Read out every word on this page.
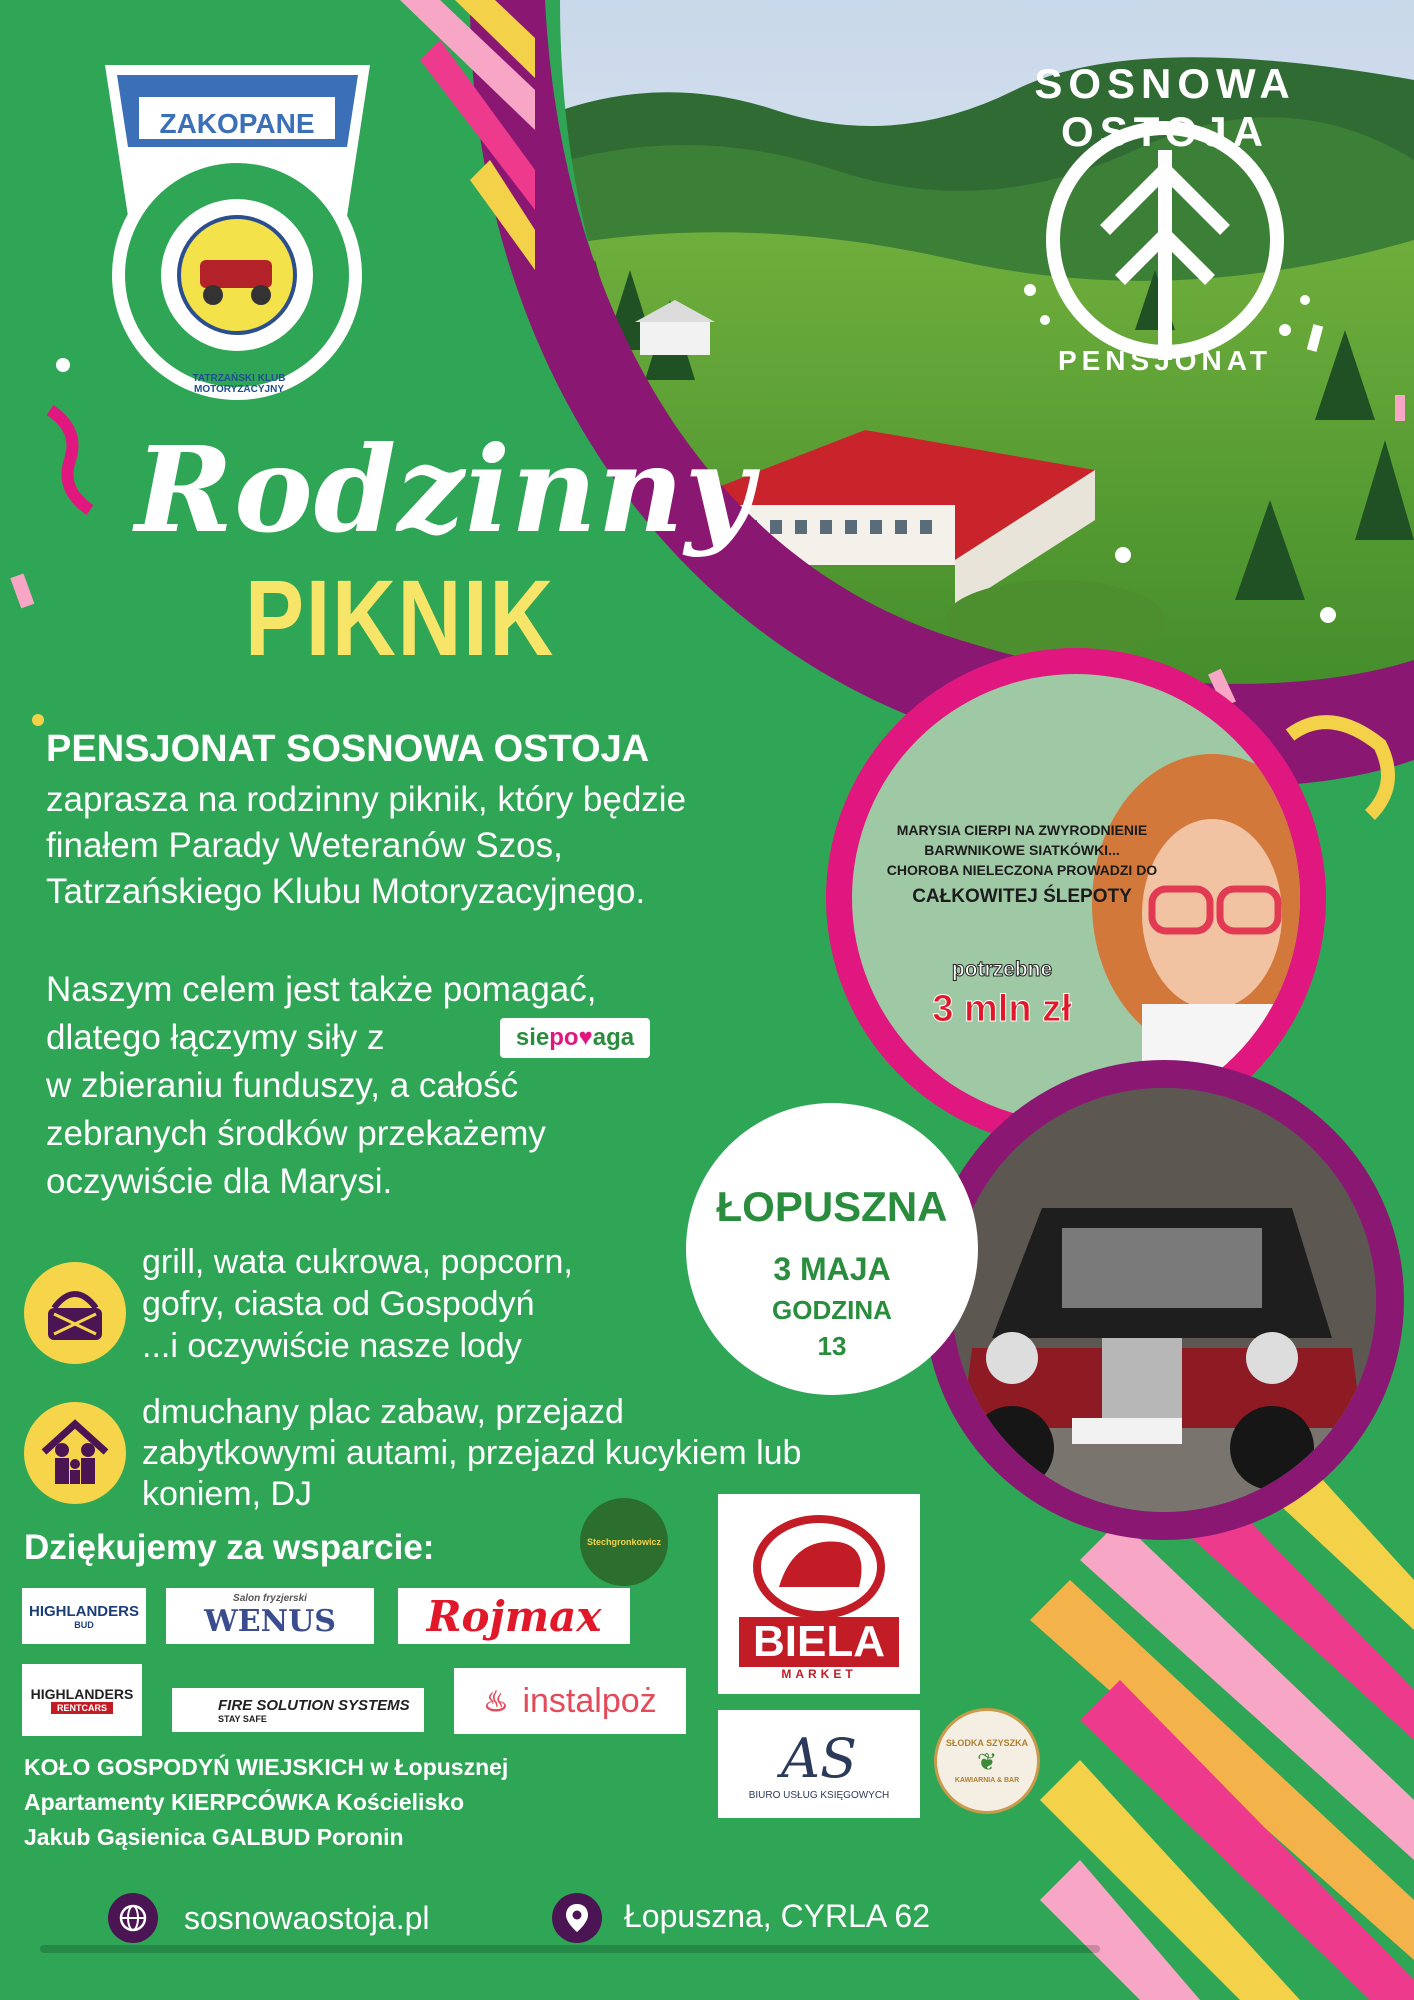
ZAKOPANE
TATRZAŃSKI KLUB MOTORYZACYJNY
SOSNOWA OSTOJA
PENSJONAT
Rodzinny
PIKNIK
PENSJONAT SOSNOWA OSTOJA
zaprasza na rodzinny piknik, który będzie
finałem Parady Weteranów Szos,
Tatrzańskiego Klubu Motoryzacyjnego.
Naszym celem jest także pomagać,
dlatego łączymy siły z	sie po ♥ aga
w zbieraniu funduszy, a całość
zebranych środków przekażemy
oczywiście dla Marysi.
MARYSIA CIERPI NA ZWYRODNIENIE
BARWNIKOWE SIATKÓWKI...
CHOROBA NIELECZONA PROWADZI DO
CAŁKOWITEJ ŚLEPOTY
potrzebne
3 mln zł
ŁOPUSZNA
3 MAJA
GODZINA
13
grill, wata cukrowa, popcorn,
gofry, ciasta od Gospodyń
...i oczywiście nasze lody
dmuchany plac zabaw, przejazd
zabytkowymi autami, przejazd kucykiem lub
koniem, DJ
Dziękujemy za wsparcie:	Stechgronkowicz
HIGHLANDERS
BUD
Salon fryzjerski
WENUS Rojmax
HIGHLANDERS
RENTCARS	FIRE SOLUTION SYSTEMS
STAY SAFE
♨ instalpoż
BIELA
MARKET
AS
BIURO USŁUG KSIĘGOWYCH
SŁODKA SZYSZKA
❦
KAWIARNIA & BAR
KOŁO GOSPODYŃ WIEJSKICH w Łopusznej
Apartamenty KIERPCÓWKA Kościelisko
Jakub Gąsienica GALBUD Poronin
sosnowaostoja.pl	Łopuszna, CYRLA 62
